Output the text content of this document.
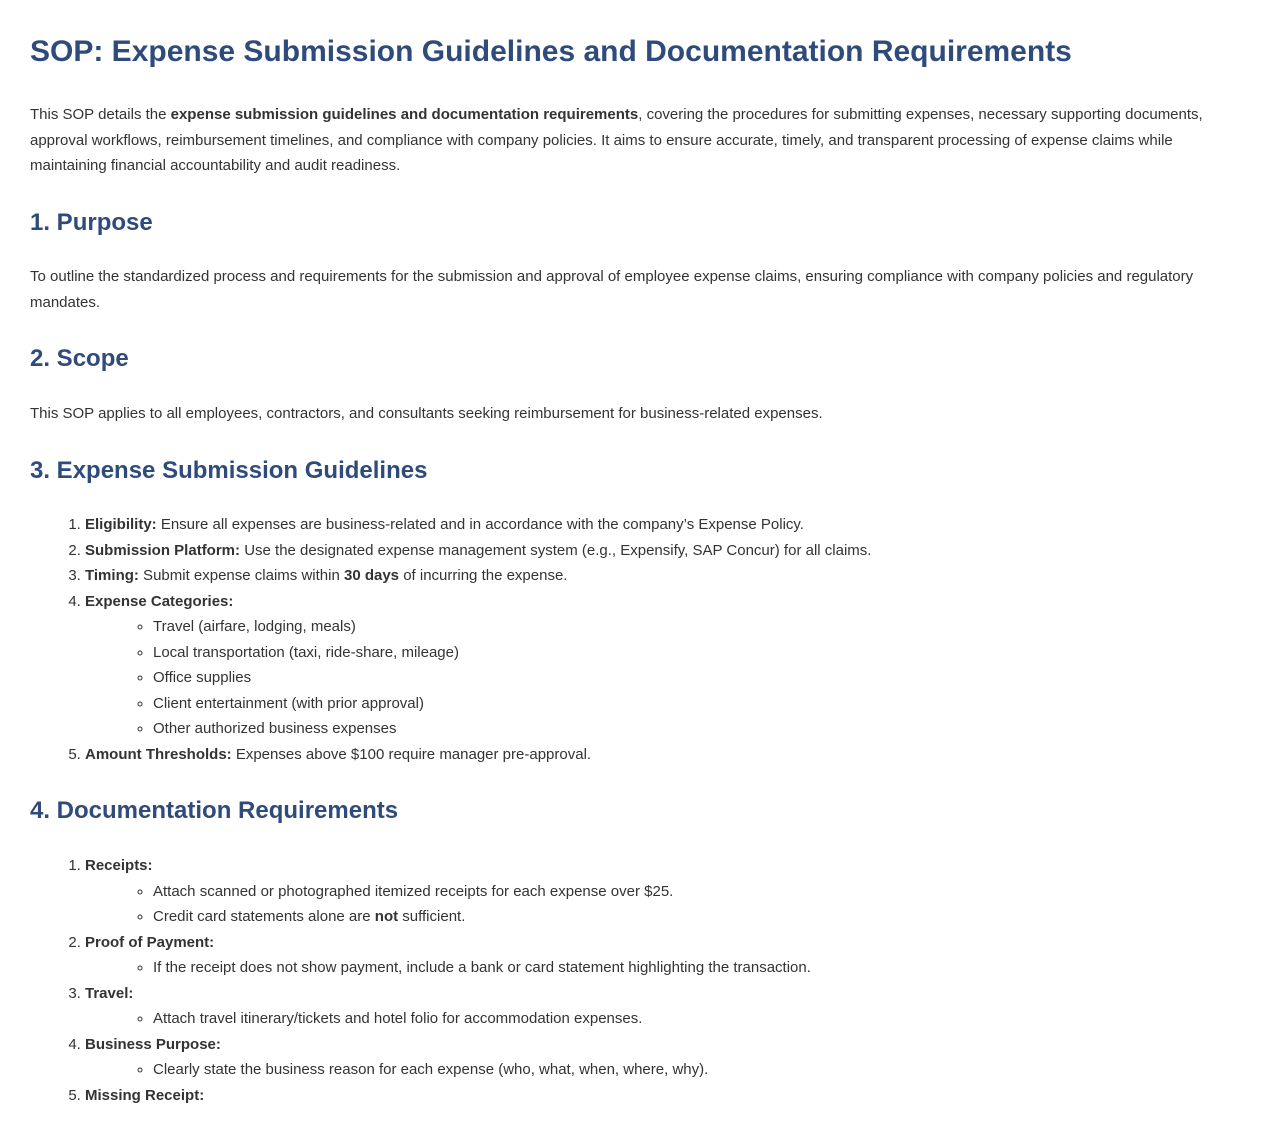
SOP: Expense Submission Guidelines and Documentation Requirements

This SOP details the expense submission guidelines and documentation requirements, covering the procedures for submitting expenses, necessary supporting documents, approval workflows, reimbursement timelines, and compliance with company policies. It aims to ensure accurate, timely, and transparent processing of expense claims while maintaining financial accountability and audit readiness.

1. Purpose

To outline the standardized process and requirements for the submission and approval of employee expense claims, ensuring compliance with company policies and regulatory mandates.

2. Scope

This SOP applies to all employees, contractors, and consultants seeking reimbursement for business-related expenses.

3. Expense Submission Guidelines
1. Eligibility: Ensure all expenses are business-related and in accordance with the company’s Expense Policy.
2. Submission Platform: Use the designated expense management system (e.g., Expensify, SAP Concur) for all claims.
3. Timing: Submit expense claims within 30 days of incurring the expense.
4. Expense Categories:
◦ Travel (airfare, lodging, meals)
◦ Local transportation (taxi, ride-share, mileage)
◦ Office supplies
◦ Client entertainment (with prior approval)
◦ Other authorized business expenses
5. Amount Thresholds: Expenses above $100 require manager pre-approval.
4. Documentation Requirements
1. Receipts:
◦ Attach scanned or photographed itemized receipts for each expense over $25.
◦ Credit card statements alone are not sufficient.
2. Proof of Payment:
◦ If the receipt does not show payment, include a bank or card statement highlighting the transaction.
3. Travel:
◦ Attach travel itinerary/tickets and hotel folio for accommodation expenses.
4. Business Purpose:
◦ Clearly state the business reason for each expense (who, what, when, where, why).
5. Missing Receipt:
